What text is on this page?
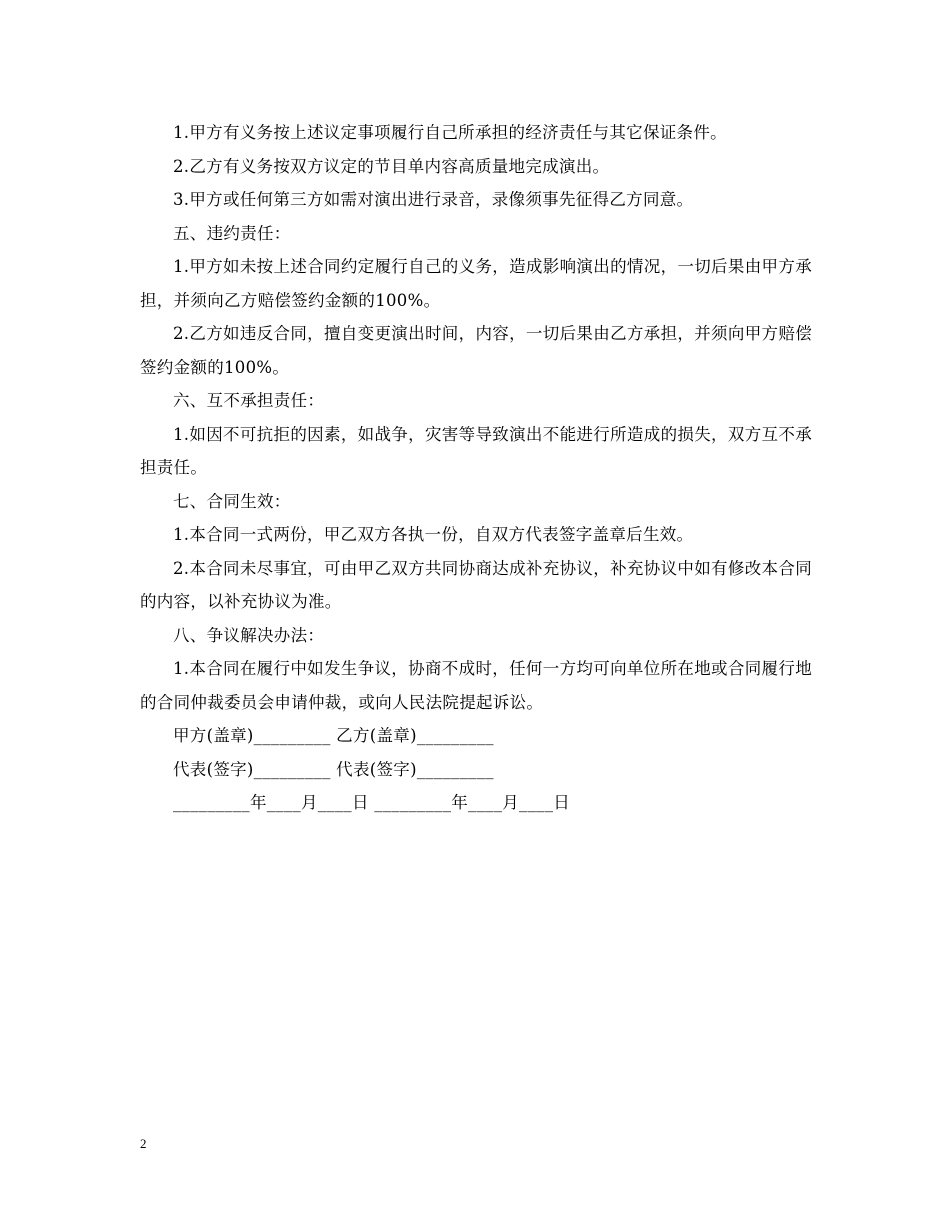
1.甲方有义务按上述议定事项履行自己所承担的经济责任与其它保证条件。

2.乙方有义务按双方议定的节目单内容高质量地完成演出。

3.甲方或任何第三方如需对演出进行录音，录像须事先征得乙方同意。

五、违约责任：

1.甲方如未按上述合同约定履行自己的义务，造成影响演出的情况，一切后果由甲方承担，并须向乙方赔偿签约金额的100%。

2.乙方如违反合同，擅自变更演出时间，内容，一切后果由乙方承担，并须向甲方赔偿签约金额的100%。

六、互不承担责任：

1.如因不可抗拒的因素，如战争，灾害等导致演出不能进行所造成的损失，双方互不承担责任。

七、合同生效：

1.本合同一式两份，甲乙双方各执一份，自双方代表签字盖章后生效。

2.本合同未尽事宜，可由甲乙双方共同协商达成补充协议，补充协议中如有修改本合同的内容，以补充协议为准。

八、争议解决办法：

1.本合同在履行中如发生争议，协商不成时，任何一方均可向单位所在地或合同履行地的合同仲裁委员会申请仲裁，或向人民法院提起诉讼。

甲方(盖章)_________ 乙方(盖章)_________

代表(签字)_________ 代表(签字)_________

_________年____月____日 _________年____月____日

2
